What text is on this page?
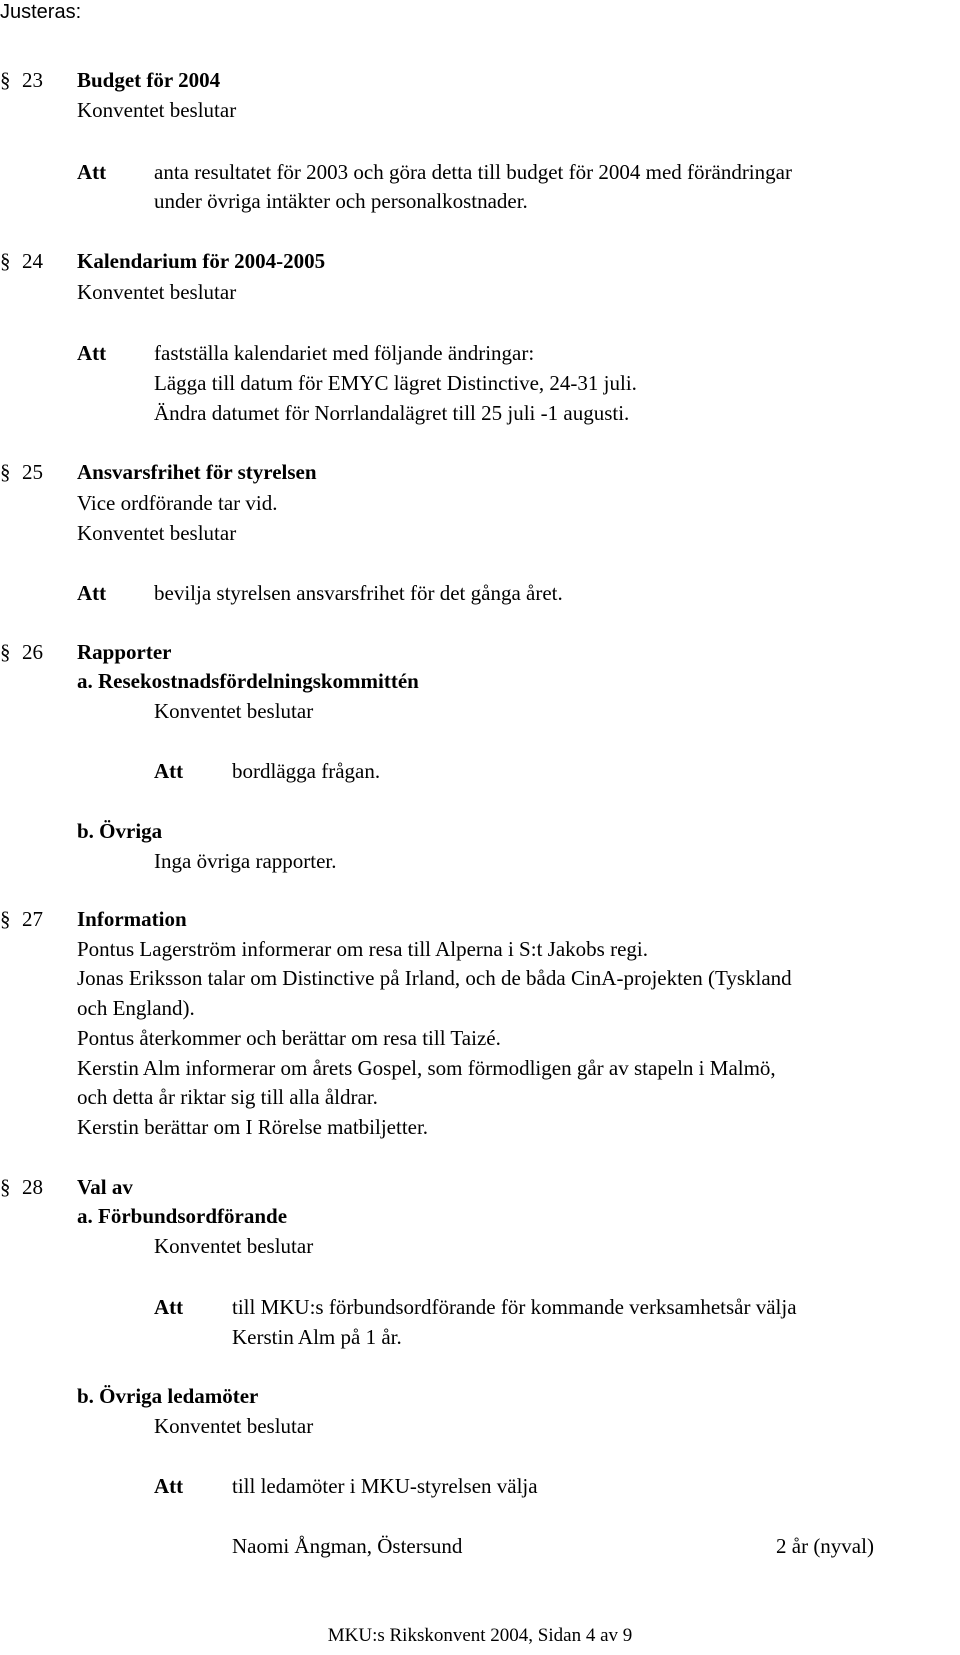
Justeras:
§ 23 Budget för 2004
Konventet beslutar
Att anta resultatet för 2003 och göra detta till budget för 2004 med förändringar
under övriga intäkter och personalkostnader.
§ 24 Kalendarium för 2004-2005
Konventet beslutar
Att fastställa kalendariet med följande ändringar:
Lägga till datum för EMYC lägret Distinctive, 24-31 juli.
Ändra datumet för Norrlandalägret till 25 juli -1 augusti.
§ 25 Ansvarsfrihet för styrelsen
Vice ordförande tar vid.
Konventet beslutar
Att bevilja styrelsen ansvarsfrihet för det gånga året.
§ 26 Rapporter
a. Resekostnadsfördelningskommittén
Konventet beslutar
Att bordlägga frågan.
b. Övriga
Inga övriga rapporter.
§ 27 Information
Pontus Lagerström informerar om resa till Alperna i S:t Jakobs regi.
Jonas Eriksson talar om Distinctive på Irland, och de båda CinA-projekten (Tyskland
och England).
Pontus återkommer och berättar om resa till Taizé.
Kerstin Alm informerar om årets Gospel, som förmodligen går av stapeln i Malmö,
och detta år riktar sig till alla åldrar.
Kerstin berättar om I Rörelse matbiljetter.
§ 28 Val av
a. Förbundsordförande
Konventet beslutar
Att till MKU:s förbundsordförande för kommande verksamhetsår välja
Kerstin Alm på 1 år.
b. Övriga ledamöter
Konventet beslutar
Att till ledamöter i MKU-styrelsen välja
Naomi Ångman, Östersund	2 år (nyval)
MKU:s Rikskonvent 2004, Sidan 4 av 9
